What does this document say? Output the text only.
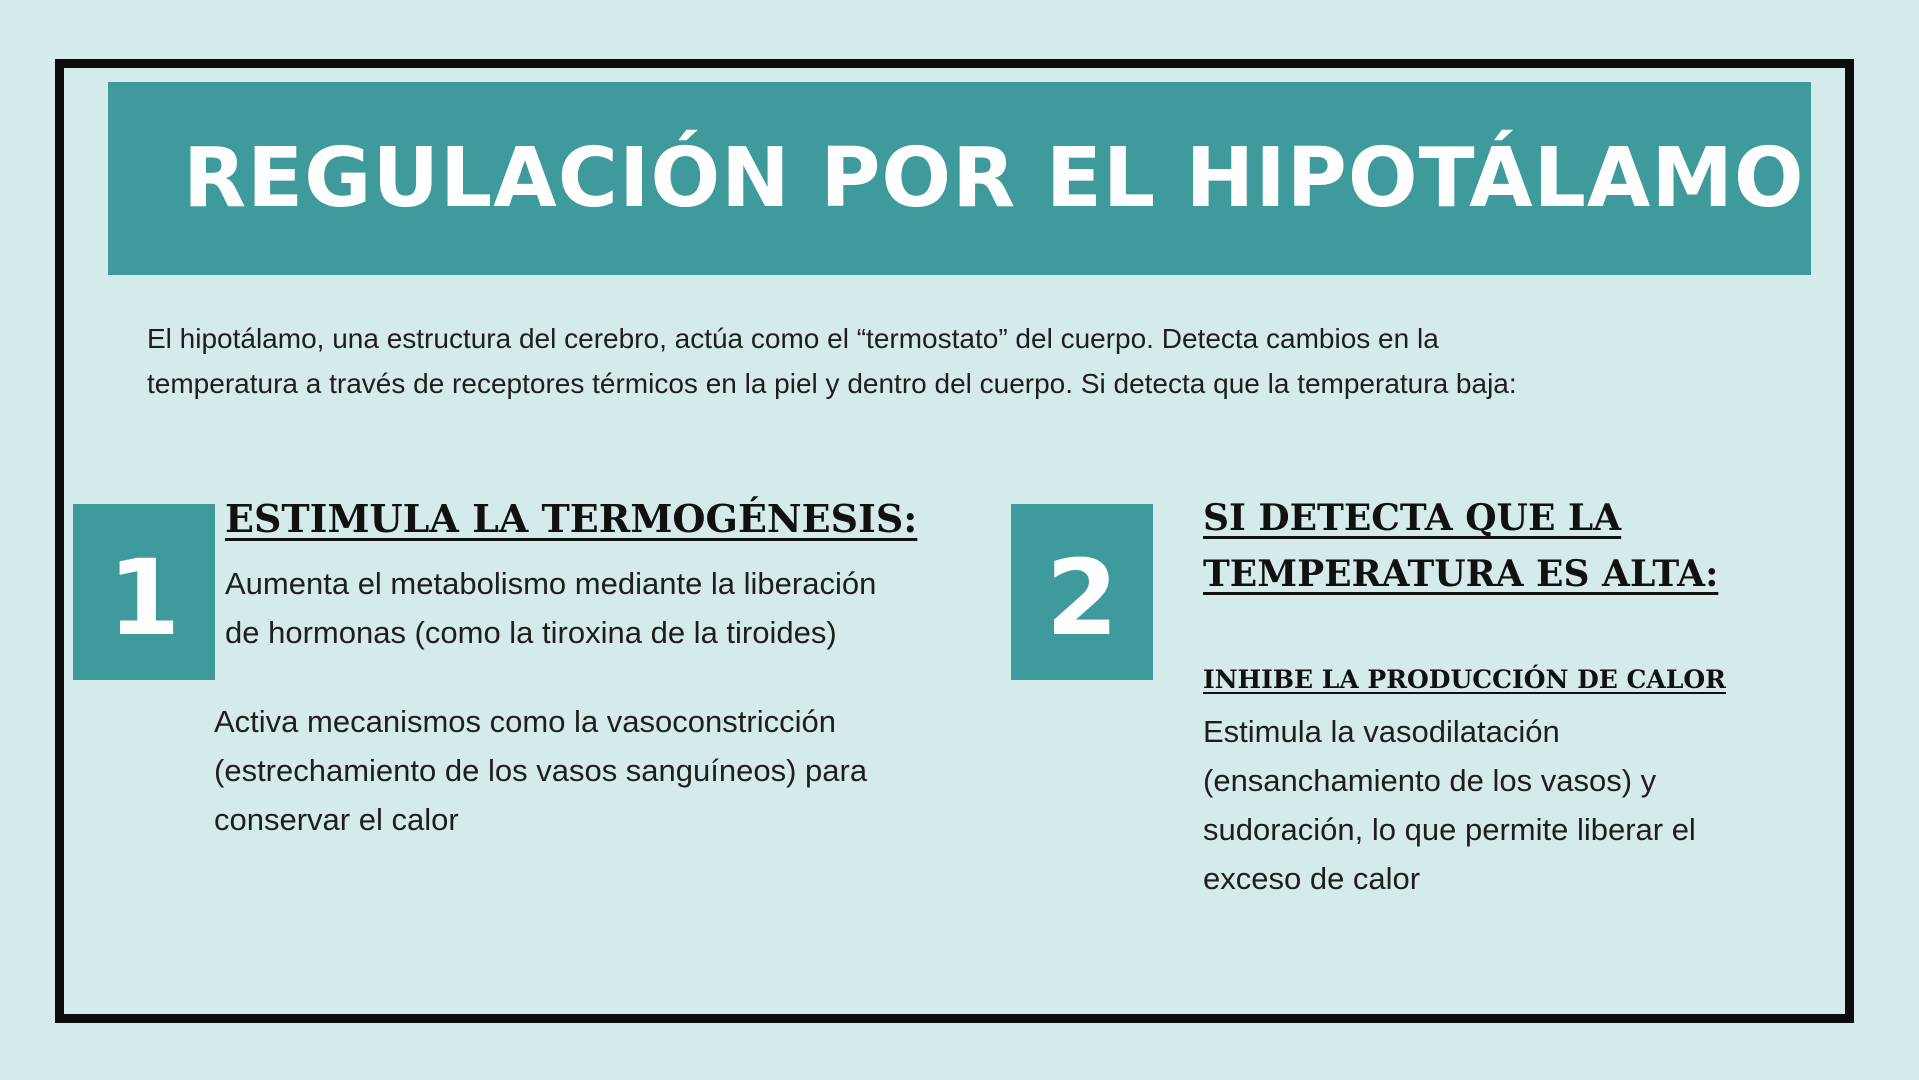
REGULACIÓN POR EL HIPOTÁLAMO

El hipotálamo, una estructura del cerebro, actúa como el “termostato” del cuerpo. Detecta cambios en la

temperatura a través de receptores térmicos en la piel y dentro del cuerpo. Si detecta que la temperatura baja:

1
ESTIMULA LA TERMOGÉNESIS:

Aumenta el metabolismo mediante la liberación
de hormonas (como la tiroxina de la tiroides)

Activa mecanismos como la vasoconstricción
(estrechamiento de los vasos sanguíneos) para
conservar el calor

2
SI DETECTA QUE LA
TEMPERATURA ES ALTA:
INHIBE LA PRODUCCIÓN DE CALOR

Estimula la vasodilatación
(ensanchamiento de los vasos) y
sudoración, lo que permite liberar el
exceso de calor
